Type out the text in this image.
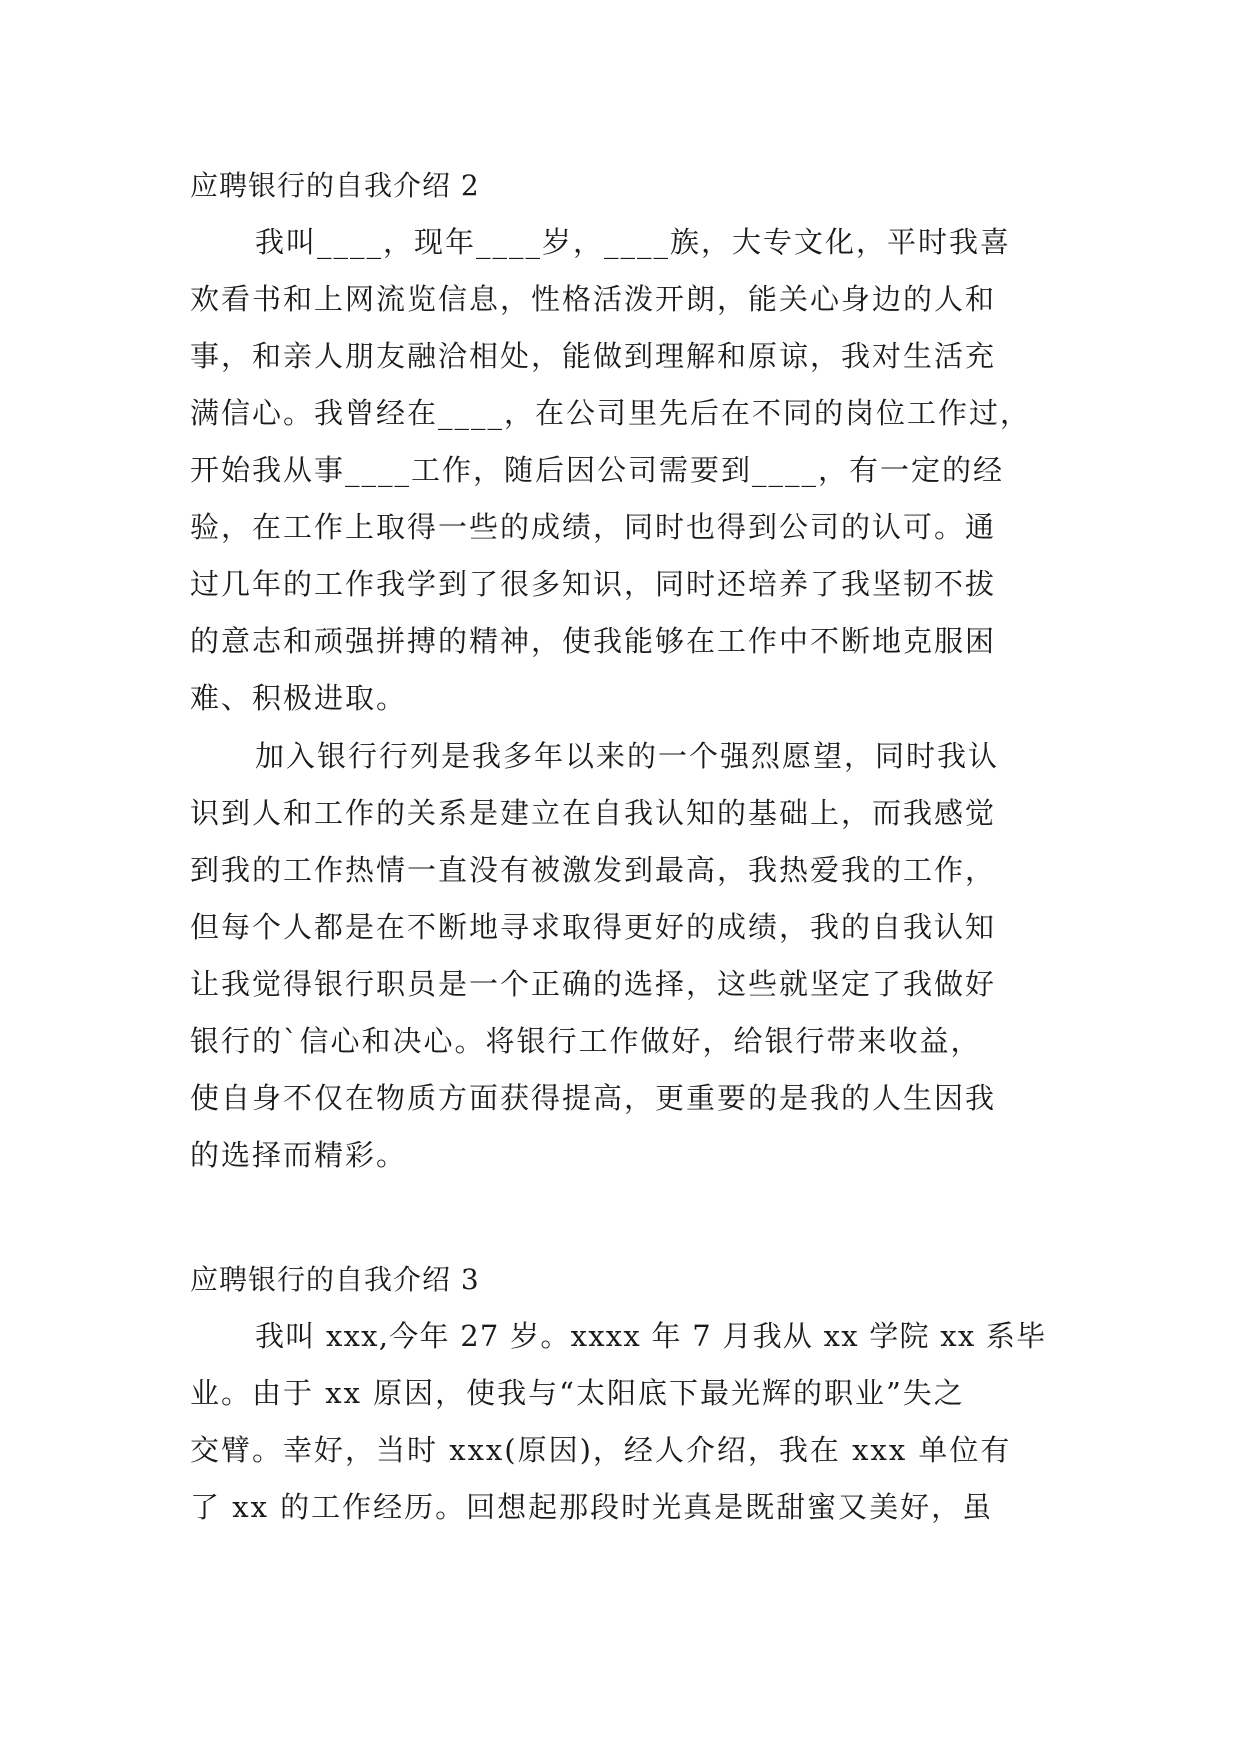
应聘银行的自我介绍 2
我叫____，现年____岁，____族，大专文化，平时我喜
欢看书和上网流览信息，性格活泼开朗，能关心身边的人和
事，和亲人朋友融洽相处，能做到理解和原谅，我对生活充
满信心。我曾经在____，在公司里先后在不同的岗位工作过，
开始我从事____工作，随后因公司需要到____，有一定的经
验，在工作上取得一些的成绩，同时也得到公司的认可。通
过几年的工作我学到了很多知识，同时还培养了我坚韧不拔
的意志和顽强拼搏的精神，使我能够在工作中不断地克服困
难、积极进取。
加入银行行列是我多年以来的一个强烈愿望，同时我认
识到人和工作的关系是建立在自我认知的基础上，而我感觉
到我的工作热情一直没有被激发到最高，我热爱我的工作，
但每个人都是在不断地寻求取得更好的成绩，我的自我认知
让我觉得银行职员是一个正确的选择，这些就坚定了我做好
银行的`信心和决心。将银行工作做好，给银行带来收益，
使自身不仅在物质方面获得提高，更重要的是我的人生因我
的选择而精彩。
应聘银行的自我介绍 3
我叫 xxx,今年 27 岁。xxxx 年 7 月我从 xx 学院 xx 系毕
业。由于 xx 原因，使我与“太阳底下最光辉的职业”失之
交臂。幸好，当时 xxx(原因)，经人介绍，我在 xxx 单位有
了 xx 的工作经历。回想起那段时光真是既甜蜜又美好，虽
